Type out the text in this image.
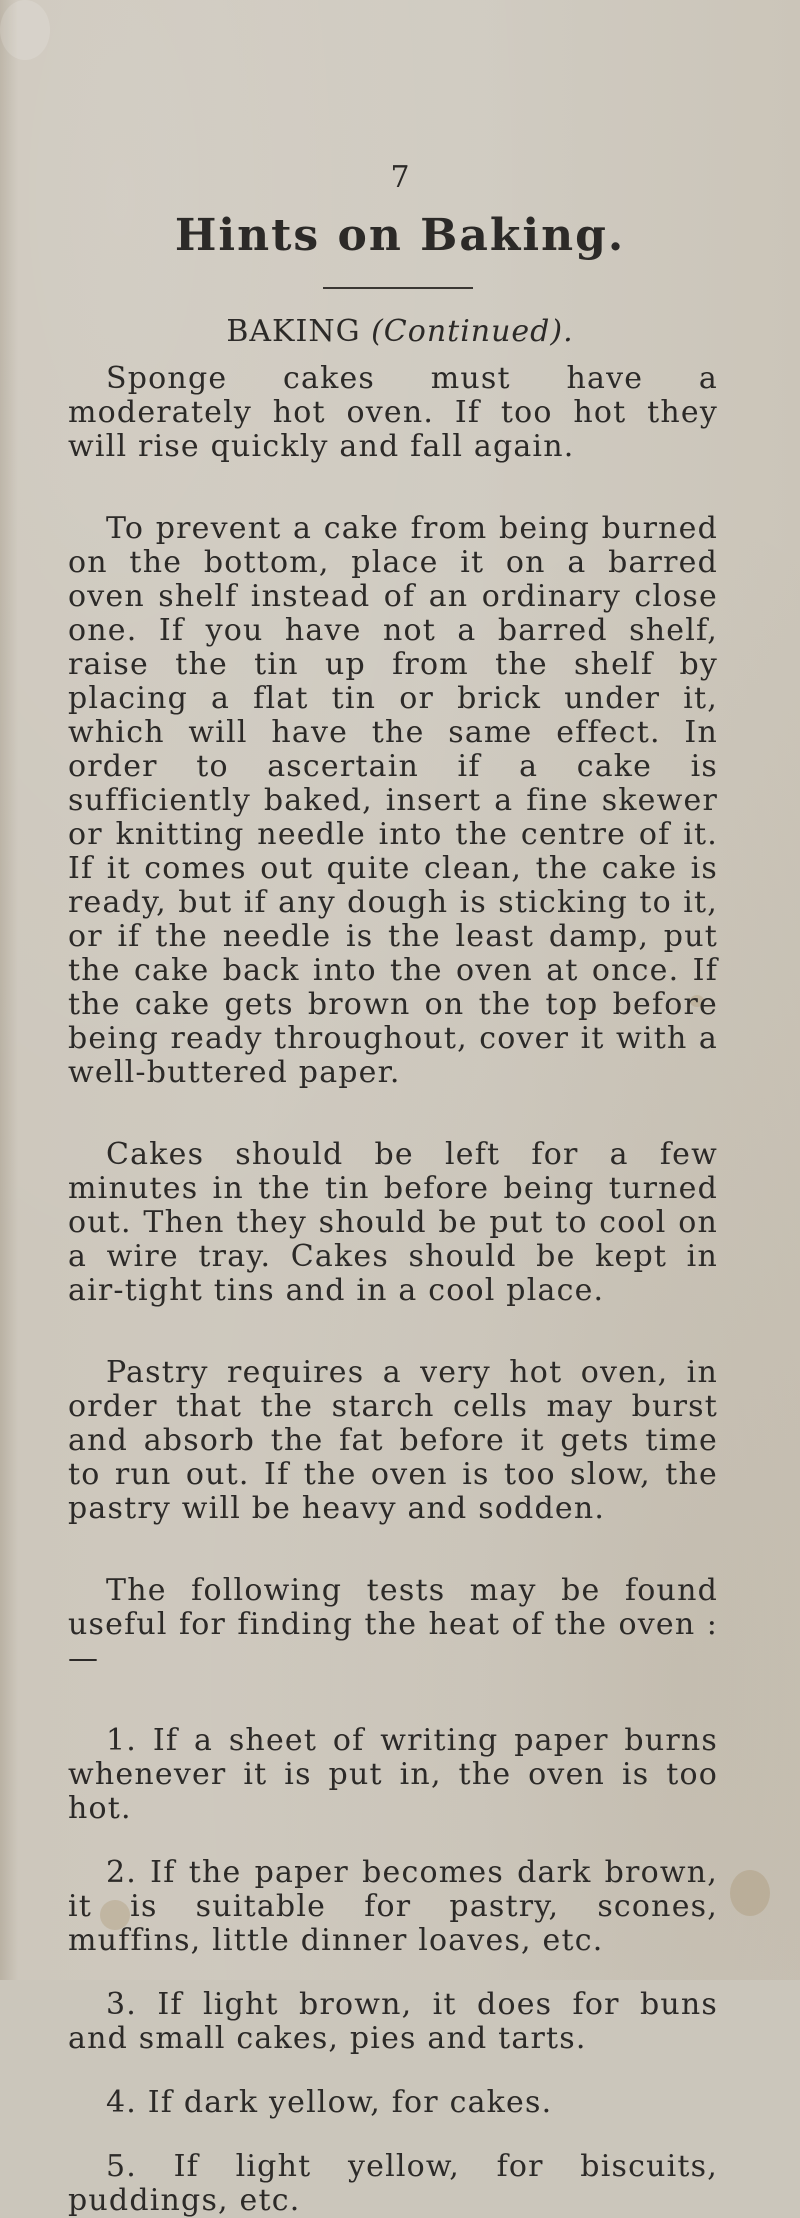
7
Hints on Baking.
BAKING (Continued).

Sponge cakes must have a moderately hot oven. If too hot they will rise quickly and fall again.

To prevent a cake from being burned on the bottom, place it on a barred oven shelf instead of an ordinary close one. If you have not a barred shelf, raise the tin up from the shelf by placing a flat tin or brick under it, which will have the same effect. In order to ascertain if a cake is sufficiently baked, insert a fine skewer or knitting needle into the centre of it. If it comes out quite clean, the cake is ready, but if any dough is sticking to it, or if the needle is the least damp, put the cake back into the oven at once. If the cake gets brown on the top before being ready throughout, cover it with a well-buttered paper.

Cakes should be left for a few minutes in the tin before being turned out. Then they should be put to cool on a wire tray. Cakes should be kept in air-tight tins and in a cool place.

Pastry requires a very hot oven, in order that the starch cells may burst and absorb the fat before it gets time to run out. If the oven is too slow, the pastry will be heavy and sodden.

The following tests may be found useful for finding the heat of the oven :—

1. If a sheet of writing paper burns whenever it is put in, the oven is too hot.

2. If the paper becomes dark brown, it is suitable for pastry, scones, muffins, little dinner loaves, etc.

3. If light brown, it does for buns and small cakes, pies and tarts.

4. If dark yellow, for cakes.

5. If light yellow, for biscuits, puddings, etc.
